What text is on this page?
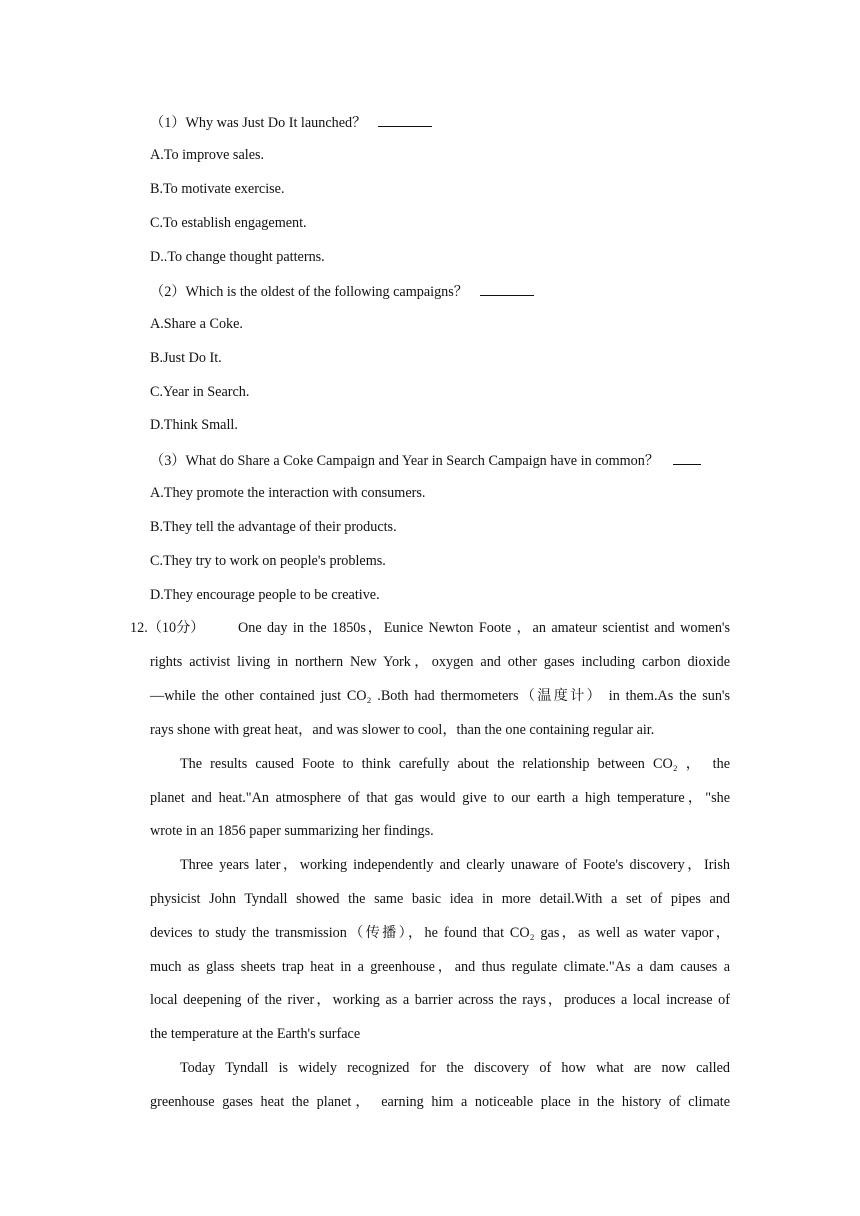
（1）Why was Just Do It launched？
A.To improve sales.
B.To motivate exercise.
C.To establish engagement.
D..To change thought patterns.
（2）Which is the oldest of the following campaigns？
A.Share a Coke.
B.Just Do It.
C.Year in Search.
D.Think Small.
（3）What do Share a Coke Campaign and Year in Search Campaign have in common？
A.They promote the interaction with consumers.
B.They tell the advantage of their products.
C.They try to work on people's problems.
D.They encourage people to be creative.
12.（10分） One day in the 1850s，Eunice Newton Foote ，an amateur scientist and women's
rights activist living in northern New York，oxygen and other gases including carbon dioxide
—while the other contained just CO₂ .Both had thermometers（温度计） in them.As the sun's
rays shone with great heat，and was slower to cool，than the one containing regular air.
The results caused Foote to think carefully about the relationship between CO₂ ， the
planet and heat."An atmosphere of that gas would give to our earth a high temperature，"she
wrote in an 1856 paper summarizing her findings.
Three years later，working independently and clearly unaware of Foote's discovery，Irish
physicist John Tyndall showed the same basic idea in more detail.With a set of pipes and
devices to study the transmission（传播），he found that CO₂ gas，as well as water vapor，
much as glass sheets trap heat in a greenhouse，and thus regulate climate."As a dam causes a
local deepening of the river，working as a barrier across the rays，produces a local increase of
the temperature at the Earth's surface
Today Tyndall is widely recognized for the discovery of how what are now called
greenhouse gases heat the planet， earning him a noticeable place in the history of climate
